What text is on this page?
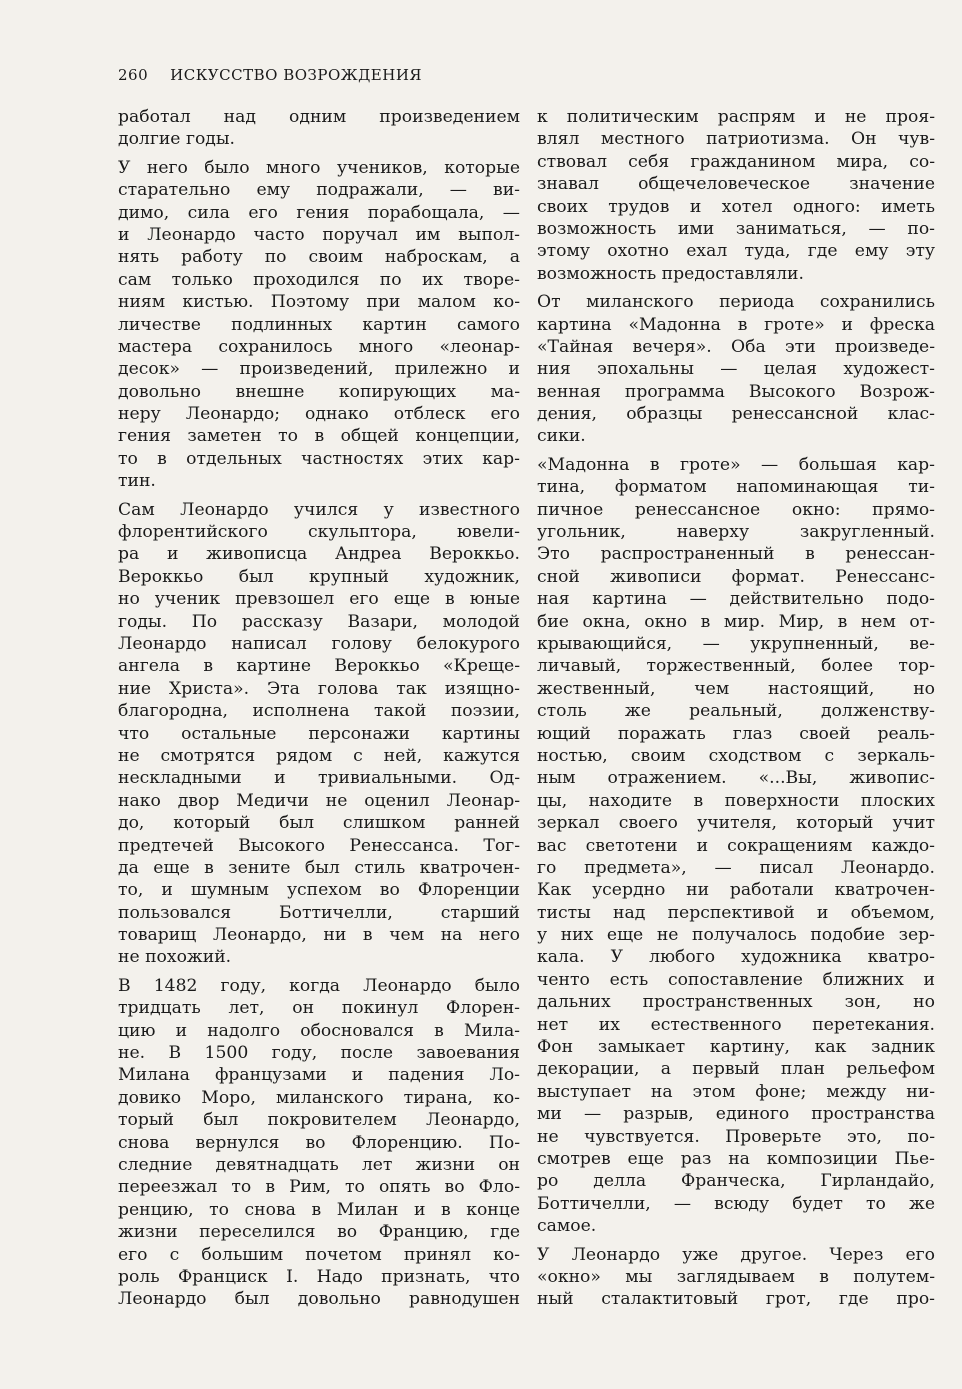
260 ИСКУССТВО ВОЗРОЖДЕНИЯ
работал над одним произведением
долгие годы.
У него было много учеников, которые
старательно ему подражали, — ви-
димо, сила его гения порабощала, —
и Леонардо часто поручал им выпол-
нять работу по своим наброскам, а
сам только проходился по их творе-
ниям кистью. Поэтому при малом ко-
личестве подлинных картин самого
мастера сохранилось много «леонар-
десок» — произведений, прилежно и
довольно внешне копирующих ма-
неру Леонардо; однако отблеск его
гения заметен то в общей концепции,
то в отдельных частностях этих кар-
тин.
Сам Леонардо учился у известного
флорентийского скульптора, ювели-
ра и живописца Андреа Вероккьо.
Вероккьо был крупный художник,
но ученик превзошел его еще в юные
годы. По рассказу Вазари, молодой
Леонардо написал голову белокурого
ангела в картине Вероккьо «Креще-
ние Христа». Эта голова так изящно-
благородна, исполнена такой поэзии,
что остальные персонажи картины
не смотрятся рядом с ней, кажутся
нескладными и тривиальными. Од-
нако двор Медичи не оценил Леонар-
до, который был слишком ранней
предтечей Высокого Ренессанса. Тог-
да еще в зените был стиль кватрочен-
то, и шумным успехом во Флоренции
пользовался Боттичелли, старший
товарищ Леонардо, ни в чем на него
не похожий.
В 1482 году, когда Леонардо было
тридцать лет, он покинул Флорен-
цию и надолго обосновался в Мила-
не. В 1500 году, после завоевания
Милана французами и падения Ло-
довико Моро, миланского тирана, ко-
торый был покровителем Леонардо,
снова вернулся во Флоренцию. По-
следние девятнадцать лет жизни он
переезжал то в Рим, то опять во Фло-
ренцию, то снова в Милан и в конце
жизни переселился во Францию, где
его с большим почетом принял ко-
роль Франциск I. Надо признать, что
Леонардо был довольно равнодушен
к политическим распрям и не проя-
влял местного патриотизма. Он чув-
ствовал себя гражданином мира, со-
знавал общечеловеческое значение
своих трудов и хотел одного: иметь
возможность ими заниматься, — по-
этому охотно ехал туда, где ему эту
возможность предоставляли.
От миланского периода сохранились
картина «Мадонна в гроте» и фреска
«Тайная вечеря». Оба эти произведе-
ния эпохальны — целая художест-
венная программа Высокого Возрож-
дения, образцы ренессансной клас-
сики.
«Мадонна в гроте» — большая кар-
тина, форматом напоминающая ти-
пичное ренессансное окно: прямо-
угольник, наверху закругленный.
Это распространенный в ренессан-
сной живописи формат. Ренессанс-
ная картина — действительно подо-
бие окна, окно в мир. Мир, в нем от-
крывающийся, — укрупненный, ве-
личавый, торжественный, более тор-
жественный, чем настоящий, но
столь же реальный, долженству-
ющий поражать глаз своей реаль-
ностью, своим сходством с зеркаль-
ным отражением. «...Вы, живопис-
цы, находите в поверхности плоских
зеркал своего учителя, который учит
вас светотени и сокращениям каждо-
го предмета», — писал Леонардо.
Как усердно ни работали кватрочен-
тисты над перспективой и объемом,
у них еще не получалось подобие зер-
кала. У любого художника кватро-
ченто есть сопоставление ближних и
дальних пространственных зон, но
нет их естественного перетекания.
Фон замыкает картину, как задник
декорации, а первый план рельефом
выступает на этом фоне; между ни-
ми — разрыв, единого пространства
не чувствуется. Проверьте это, по-
смотрев еще раз на композиции Пье-
ро делла Франческа, Гирландайо,
Боттичелли, — всюду будет то же
самое.
У Леонардо уже другое. Через его
«окно» мы заглядываем в полутем-
ный сталактитовый грот, где про-
